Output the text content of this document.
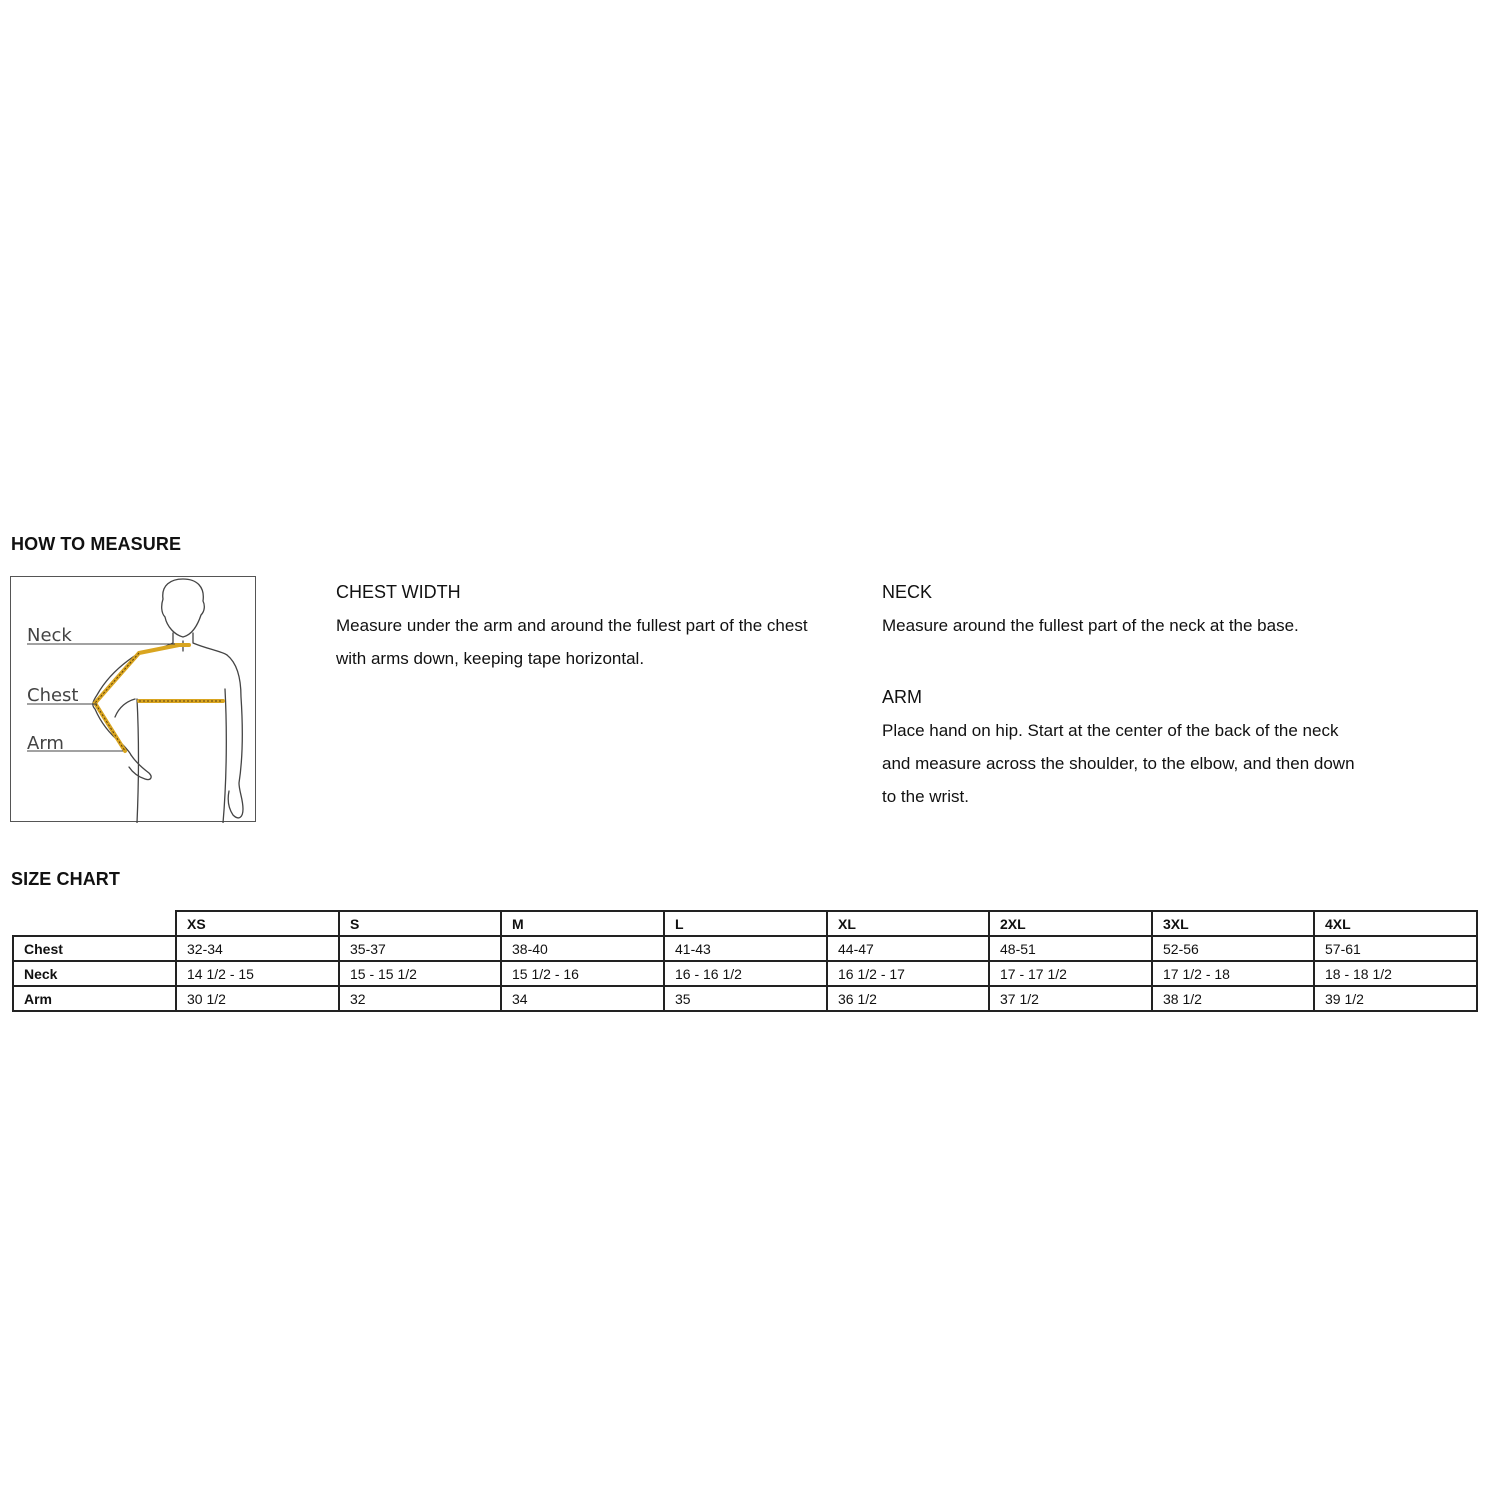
HOW TO MEASURE
Neck
Chest
Arm
CHEST WIDTH
Measure under the arm and around the fullest part of the chest
with arms down, keeping tape horizontal.
NECK
Measure around the fullest part of the neck at the base.
ARM
Place hand on hip. Start at the center of the back of the neck
and measure across the shoulder, to the elbow, and then down
to the wrist.
SIZE CHART
	XS	S	M	L	XL	2XL	3XL	4XL
Chest	32-34	35-37	38-40	41-43	44-47	48-51	52-56	57-61
Neck	14 1/2 - 15	15 - 15 1/2	15 1/2 - 16	16 - 16 1/2	16 1/2 - 17	17 - 17 1/2	17 1/2 - 18	18 - 18 1/2
Arm	30 1/2	32	34	35	36 1/2	37 1/2	38 1/2	39 1/2
